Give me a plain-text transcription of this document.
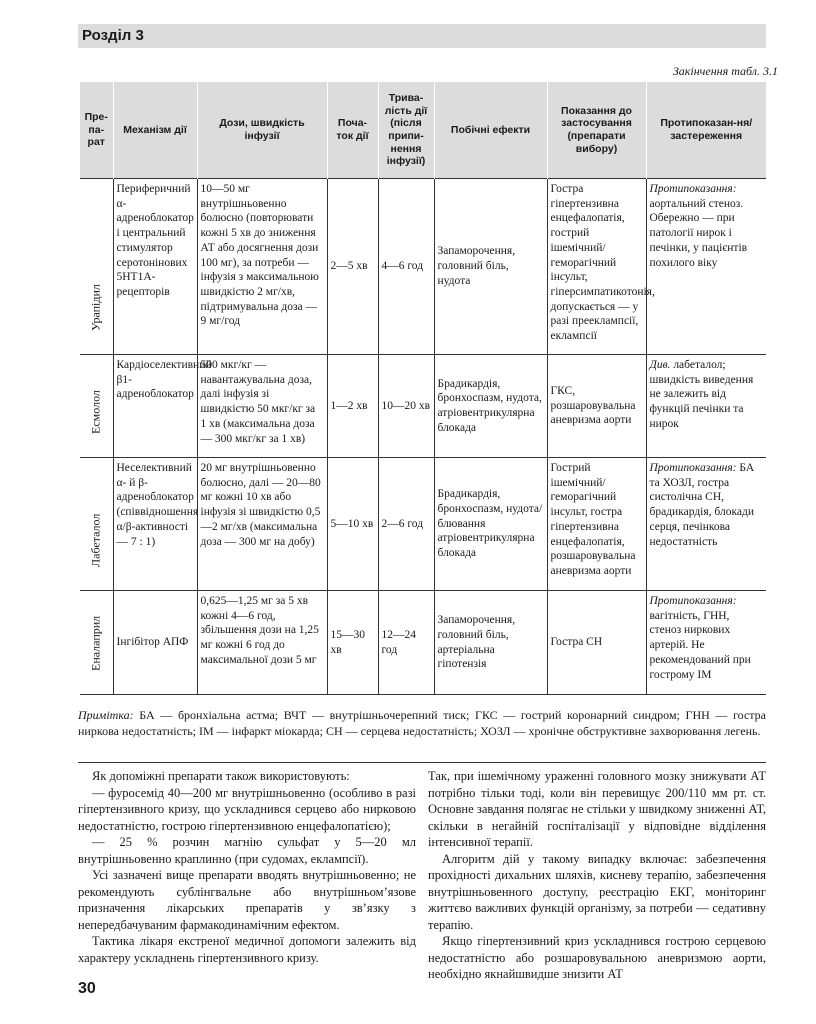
Розділ 3
Закінчення табл. 3.1
Пре-па-рат	Механізм дії	Дози, швидкість інфузії	Поча-ток дії	Трива-лість дії (після припи-нення інфузії)	Побічні ефекти	Показання до застосування (препарати вибору)	Протипоказан-ня/застереження

Урапідил	Периферичний α-адреноблокатор і центральний стимулятор серотонінових 5HT1A-рецепторів	10—50 мг внутрішньовенно болюсно (повторювати кожні 5 хв до зниження АТ або досягнення дози 100 мг), за потреби — інфузія з максимальною швидкістю 2 мг/хв, підтримувальна доза — 9 мг/год	2—5 хв	4—6 год	Запаморочення, головний біль, нудота	Гостра гіпертензивна енцефалопатія, гострий ішемічний/геморагічний інсульт, гіперсимпатикотонія, допускається — у разі прееклампсії, еклампсії	Протипоказання: аортальний стеноз. Обережно — при патології нирок і печінки, у пацієнтів похилого віку

Есмолол	Кардіоселективний β1-адреноблокатор	500 мкг/кг — навантажувальна доза, далі інфузія зі швидкістю 50 мкг/кг за 1 хв (максимальна доза — 300 мкг/кг за 1 хв)	1—2 хв	10—20 хв	Брадикардія, бронхоспазм, нудота, атріовентрикулярна блокада	ГКС, розшаровувальна аневризма аорти	Див. лабеталол; швидкість виведення не залежить від функцій печінки та нирок

Лабеталол	Неселективний α- й β-адреноблокатор (співвідношення α/β-активності — 7 : 1)	20 мг внутрішньовенно болюсно, далі — 20—80 мг кожні 10 хв або інфузія зі швидкістю 0,5—2 мг/хв (максимальна доза — 300 мг на добу)	5—10 хв	2—6 год	Брадикардія, бронхоспазм, нудота/блювання атріовентрикулярна блокада	Гострий ішемічний/геморагічний інсульт, гостра гіпертензивна енцефалопатія, розшаровувальна аневризма аорти	Протипоказання: БА та ХОЗЛ, гостра систолічна СН, брадикардія, блокади серця, печінкова недостатність

Еналаприл	Інгібітор АПФ	0,625—1,25 мг за 5 хв кожні 4—6 год, збільшення дози на 1,25 мг кожні 6 год до максимальної дози 5 мг	15—30 хв	12—24 год	Запаморочення, головний біль, артеріальна гіпотензія	Гостра СН	Протипоказання: вагітність, ГНН, стеноз ниркових артерій. Не рекомендований при гострому ІМ
Примітка: БА — бронхіальна астма; ВЧТ — внутрішньочерепний тиск; ГКС — гострий коронарний синдром; ГНН — гостра ниркова недостатність; ІМ — інфаркт міокарда; СН — серцева недостатність; ХОЗЛ — хронічне обструктивне захворювання легень.

Як допоміжні препарати також використовують:

— фуросемід 40—200 мг внутрішньовенно (особливо в разі гіпертензивного кризу, що ускладнився серцево або нирковою недостатністю, гострою гіпертензивною енцефалопатією);

— 25 % розчин магнію сульфат у 5—20 мл внутрішньовенно краплинно (при судомах, еклампсії).

Усі зазначені вище препарати вводять внутрішньовенно; не рекомендують сублінгвальне або внутрішньом’язове призначення лікарських препаратів у зв’язку з непередбачуваним фармакодинамічним ефектом.

Тактика лікаря екстреної медичної допомоги залежить від характеру ускладнень гіпертензивного кризу.

Так, при ішемічному ураженні головного мозку знижувати АТ потрібно тільки тоді, коли він перевищує 200/110 мм рт. ст. Основне завдання полягає не стільки у швидкому зниженні АТ, скільки в негайній госпіталізації у відповідне відділення інтенсивної терапії.

Алгоритм дій у такому випадку включає: забезпечення прохідності дихальних шляхів, кисневу терапію, забезпечення внутрішньовенного доступу, реєстрацію ЕКГ, моніторинг життєво важливих функцій організму, за потреби — седативну терапію.

Якщо гіпертензивний криз ускладнився гострою серцевою недостатністю або розшаровувальною аневризмою аорти, необхідно якнайшвидше знизити АТ

30
